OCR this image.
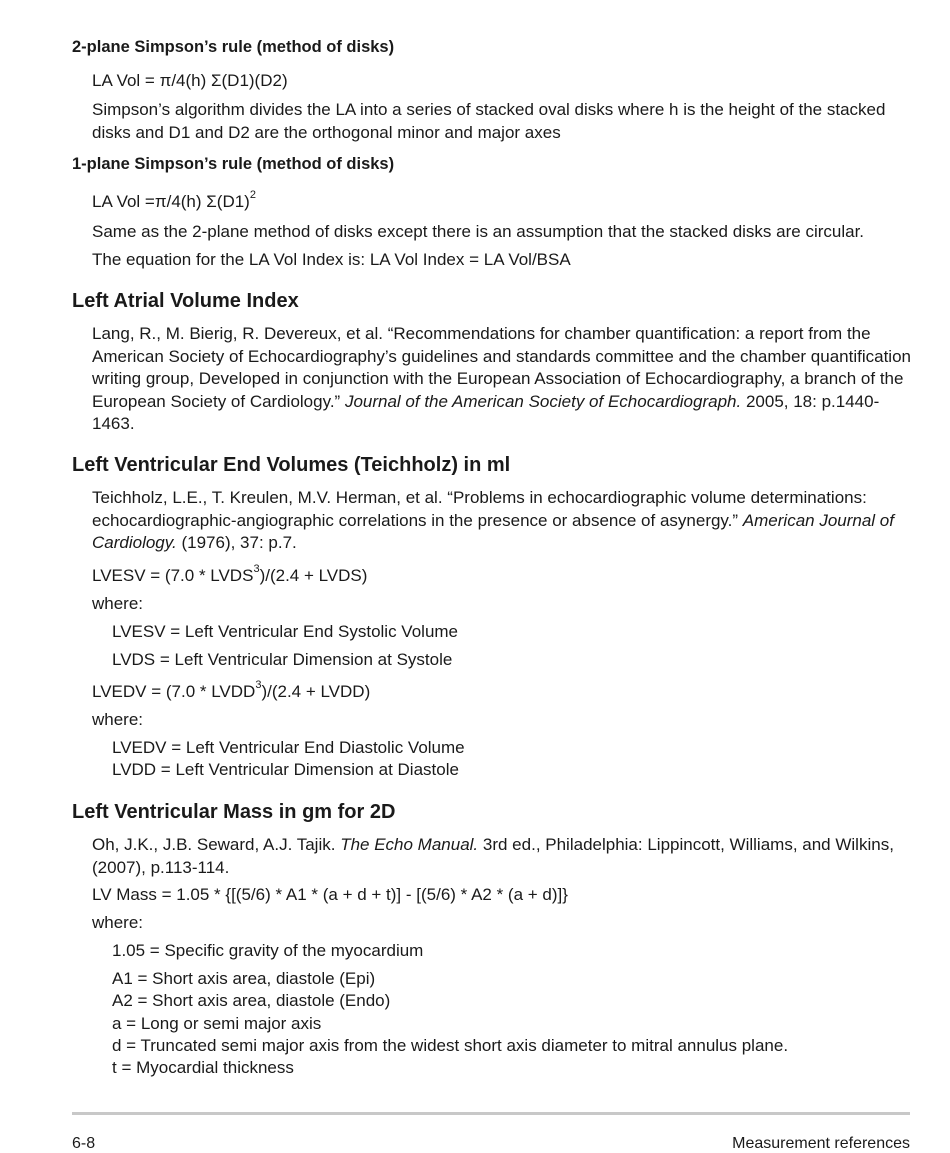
2-plane Simpson’s rule (method of disks)
LA Vol = π/4(h) Σ(D1)(D2)
Simpson’s algorithm divides the LA into a series of stacked oval disks where h is the height of the stacked disks and D1 and D2 are the orthogonal minor and major axes
1-plane Simpson’s rule (method of disks)
LA Vol =π/4(h) $\Sigma(D1)^2$
Same as the 2-plane method of disks except there is an assumption that the stacked disks are circular.
The equation for the LA Vol Index is: LA Vol Index = LA Vol/BSA
Left Atrial Volume Index
Lang, R., M. Bierig, R. Devereux, et al. “Recommendations for chamber quantification: a report from the American Society of Echocardiography’s guidelines and standards committee and the chamber quantification writing group, Developed in conjunction with the European Association of Echocardiography, a branch of the European Society of Cardiology.” Journal of the American Society of Echocardiograph. 2005, 18: p.1440-1463.
Left Ventricular End Volumes (Teichholz) in ml
Teichholz, L.E., T. Kreulen, M.V. Herman, et al. “Problems in echocardiographic volume determinations: echocardiographic-angiographic correlations in the presence or absence of asynergy.” American Journal of Cardiology. (1976), 37: p.7.
LVESV = $(7.0 * LVDS^3)/(2.4$ + LVDS)
where:
LVESV = Left Ventricular End Systolic Volume
LVDS = Left Ventricular Dimension at Systole
LVEDV = $(7.0 * LVDD^3)/(2.4$ + LVDD)
where:
LVEDV = Left Ventricular End Diastolic Volume
LVDD = Left Ventricular Dimension at Diastole
Left Ventricular Mass in gm for 2D
Oh, J.K., J.B. Seward, A.J. Tajik. The Echo Manual. 3rd ed., Philadelphia: Lippincott, Williams, and Wilkins, (2007), p.113-114.
LV Mass = 1.05 * {[(5/6) * A1 * (a + d + t)] - [(5/6) * A2 * (a + d)]}
where:
1.05 = Specific gravity of the myocardium
A1 = Short axis area, diastole (Epi)
A2 = Short axis area, diastole (Endo)
a = Long or semi major axis
d = Truncated semi major axis from the widest short axis diameter to mitral annulus plane.
t = Myocardial thickness
6-8	Measurement references
